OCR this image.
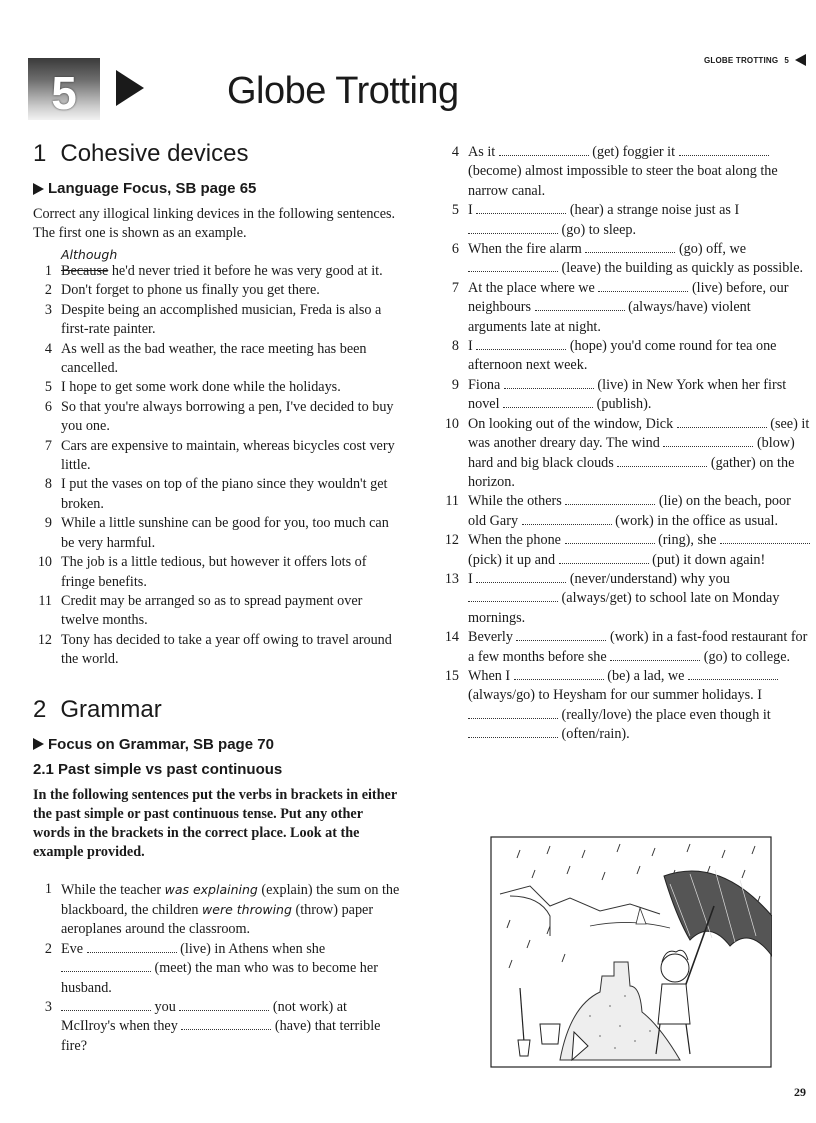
GLOBE TROTTING 5
5	Globe Trotting
1 Cohesive devices
Language Focus, SB page 65

Correct any illogical linking devices in the following sentences. The first one is shown as an example.

Although
1 Because he'd never tried it before he was very good at it.
2 Don't forget to phone us finally you get there.
3 Despite being an accomplished musician, Freda is also a first-rate painter.
4 As well as the bad weather, the race meeting has been cancelled.
5 I hope to get some work done while the holidays.
6 So that you're always borrowing a pen, I've decided to buy you one.
7 Cars are expensive to maintain, whereas bicycles cost very little.
8 I put the vases on top of the piano since they wouldn't get broken.
9 While a little sunshine can be good for you, too much can be very harmful.
10 The job is a little tedious, but however it offers lots of fringe benefits.
11 Credit may be arranged so as to spread payment over twelve months.
12 Tony has decided to take a year off owing to travel around the world.
2 Grammar
Focus on Grammar, SB page 70
2.1 Past simple vs past continuous

In the following sentences put the verbs in brackets in either the past simple or past continuous tense. Put any other words in the brackets in the correct place. Look at the example provided.

1 While the teacher was explaining (explain) the sum on the blackboard, the children were throwing (throw) paper aeroplanes around the classroom.
2 Eve	(live) in Athens when she  (meet) the man who was to become her husband.
3	you	(not work) at McIlroy's when they	(have) that terrible fire?
4 As it	(get) foggier it  (become) almost impossible to steer the boat along the narrow canal.
5 I	(hear) a strange noise just as I  (go) to sleep.
6 When the fire alarm	(go) off, we  (leave) the building as quickly as possible.
7 At the place where we	(live) before, our neighbours	(always/have) violent arguments late at night.
8 I	(hope) you'd come round for tea one afternoon next week.
9 Fiona	(live) in New York when her first novel	(publish).
10 On looking out of the window, Dick	(see) it was another dreary day. The wind	(blow) hard and big black clouds	(gather) on the horizon.
11 While the others	(lie) on the beach, poor old Gary	(work) in the office as usual.
12 When the phone	(ring), she  (pick) it up and	(put) it down again!
13 I	(never/understand) why you  (always/get) to school late on Monday mornings.
14 Beverly	(work) in a fast-food restaurant for a few months before she	(go) to college.
15 When I	(be) a lad, we  (always/go) to Heysham for our summer holidays. I  (really/love) the place even though it  (often/rain).
29
